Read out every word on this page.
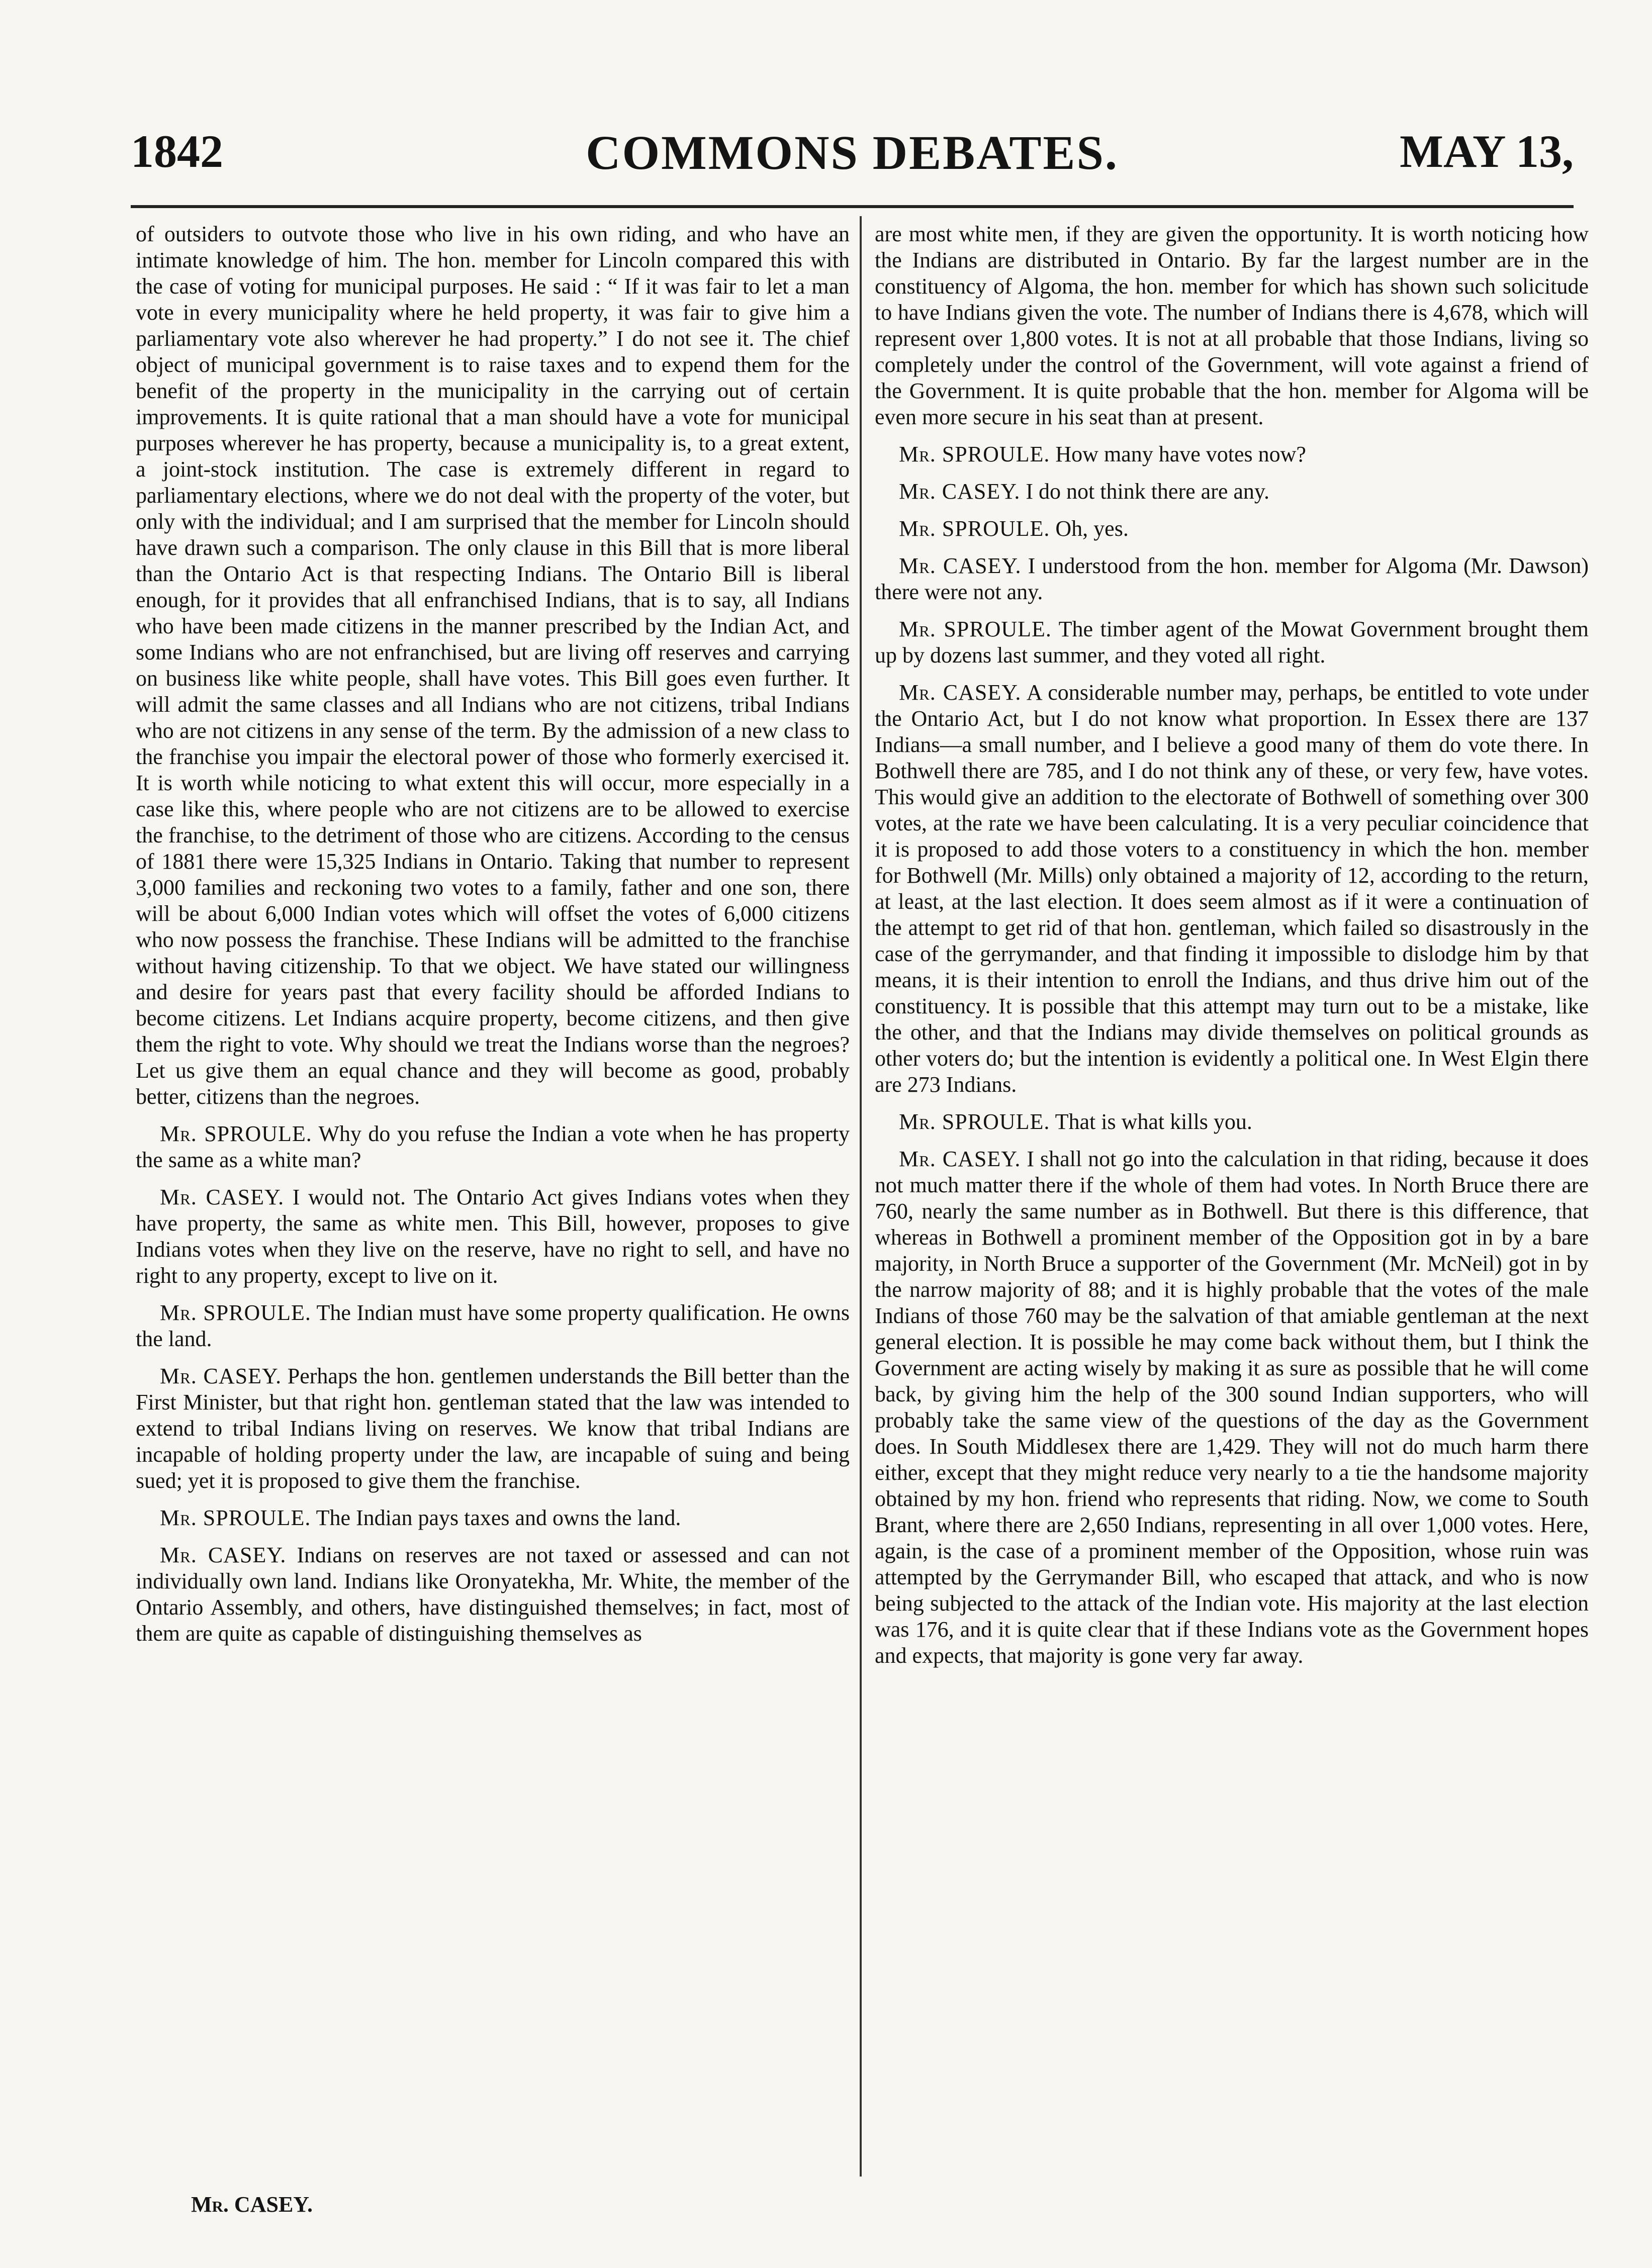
1842	COMMONS DEBATES.	MAY 13,

of outsiders to outvote those who live in his own riding, and who have an intimate knowledge of him. The hon. member for Lincoln compared this with the case of voting for municipal purposes. He said : “ If it was fair to let a man vote in every municipality where he held property, it was fair to give him a parliamentary vote also wherever he had property.” I do not see it. The chief object of municipal government is to raise taxes and to expend them for the benefit of the property in the municipality in the carrying out of certain improvements. It is quite rational that a man should have a vote for municipal purposes wherever he has property, because a municipality is, to a great extent, a joint-stock institution. The case is extremely different in regard to parliamentary elections, where we do not deal with the property of the voter, but only with the individual; and I am surprised that the member for Lincoln should have drawn such a comparison. The only clause in this Bill that is more liberal than the Ontario Act is that respecting Indians. The Ontario Bill is liberal enough, for it provides that all enfranchised Indians, that is to say, all Indians who have been made citizens in the manner prescribed by the Indian Act, and some Indians who are not enfranchised, but are living off reserves and carrying on business like white people, shall have votes. This Bill goes even further. It will admit the same classes and all Indians who are not citizens, tribal Indians who are not citizens in any sense of the term. By the admission of a new class to the franchise you impair the electoral power of those who formerly exercised it. It is worth while noticing to what extent this will occur, more especially in a case like this, where people who are not citizens are to be allowed to exercise the franchise, to the detriment of those who are citizens. According to the census of 1881 there were 15,325 Indians in Ontario. Taking that number to represent 3,000 families and reckoning two votes to a family, father and one son, there will be about 6,000 Indian votes which will offset the votes of 6,000 citizens who now possess the franchise. These Indians will be admitted to the franchise without having citizenship. To that we object. We have stated our willingness and desire for years past that every facility should be afforded Indians to become citizens. Let Indians acquire property, become citizens, and then give them the right to vote. Why should we treat the Indians worse than the negroes? Let us give them an equal chance and they will become as good, probably better, citizens than the negroes.

Mr. SPROULE. Why do you refuse the Indian a vote when he has property the same as a white man?

Mr. CASEY. I would not. The Ontario Act gives Indians votes when they have property, the same as white men. This Bill, however, proposes to give Indians votes when they live on the reserve, have no right to sell, and have no right to any property, except to live on it.

Mr. SPROULE. The Indian must have some property qualification. He owns the land.

Mr. CASEY. Perhaps the hon. gentlemen understands the Bill better than the First Minister, but that right hon. gentleman stated that the law was intended to extend to tribal Indians living on reserves. We know that tribal Indians are incapable of holding property under the law, are incapable of suing and being sued; yet it is proposed to give them the franchise.

Mr. SPROULE. The Indian pays taxes and owns the land.

Mr. CASEY. Indians on reserves are not taxed or assessed and can not individually own land. Indians like Oronyatekha, Mr. White, the member of the Ontario Assembly, and others, have distinguished themselves; in fact, most of them are quite as capable of distinguishing themselves as

are most white men, if they are given the opportunity. It is worth noticing how the Indians are distributed in Ontario. By far the largest number are in the constituency of Algoma, the hon. member for which has shown such solicitude to have Indians given the vote. The number of Indians there is 4,678, which will represent over 1,800 votes. It is not at all probable that those Indians, living so completely under the control of the Government, will vote against a friend of the Government. It is quite probable that the hon. member for Algoma will be even more secure in his seat than at present.

Mr. SPROULE. How many have votes now?

Mr. CASEY. I do not think there are any.

Mr. SPROULE. Oh, yes.

Mr. CASEY. I understood from the hon. member for Algoma (Mr. Dawson) there were not any.

Mr. SPROULE. The timber agent of the Mowat Government brought them up by dozens last summer, and they voted all right.

Mr. CASEY. A considerable number may, perhaps, be entitled to vote under the Ontario Act, but I do not know what proportion. In Essex there are 137 Indians—a small number, and I believe a good many of them do vote there. In Bothwell there are 785, and I do not think any of these, or very few, have votes. This would give an addition to the electorate of Bothwell of something over 300 votes, at the rate we have been calculating. It is a very peculiar coincidence that it is proposed to add those voters to a constituency in which the hon. member for Bothwell (Mr. Mills) only obtained a majority of 12, according to the return, at least, at the last election. It does seem almost as if it were a continuation of the attempt to get rid of that hon. gentleman, which failed so disastrously in the case of the gerrymander, and that finding it impossible to dislodge him by that means, it is their intention to enroll the Indians, and thus drive him out of the constituency. It is possible that this attempt may turn out to be a mistake, like the other, and that the Indians may divide themselves on political grounds as other voters do; but the intention is evidently a political one. In West Elgin there are 273 Indians.

Mr. SPROULE. That is what kills you.

Mr. CASEY. I shall not go into the calculation in that riding, because it does not much matter there if the whole of them had votes. In North Bruce there are 760, nearly the same number as in Bothwell. But there is this difference, that whereas in Bothwell a prominent member of the Opposition got in by a bare majority, in North Bruce a supporter of the Government (Mr. McNeil) got in by the narrow majority of 88; and it is highly probable that the votes of the male Indians of those 760 may be the salvation of that amiable gentleman at the next general election. It is possible he may come back without them, but I think the Government are acting wisely by making it as sure as possible that he will come back, by giving him the help of the 300 sound Indian supporters, who will probably take the same view of the questions of the day as the Government does. In South Middlesex there are 1,429. They will not do much harm there either, except that they might reduce very nearly to a tie the handsome majority obtained by my hon. friend who represents that riding. Now, we come to South Brant, where there are 2,650 Indians, representing in all over 1,000 votes. Here, again, is the case of a prominent member of the Opposition, whose ruin was attempted by the Gerrymander Bill, who escaped that attack, and who is now being subjected to the attack of the Indian vote. His majority at the last election was 176, and it is quite clear that if these Indians vote as the Government hopes and expects, that majority is gone very far away.

Mr. CASEY.
